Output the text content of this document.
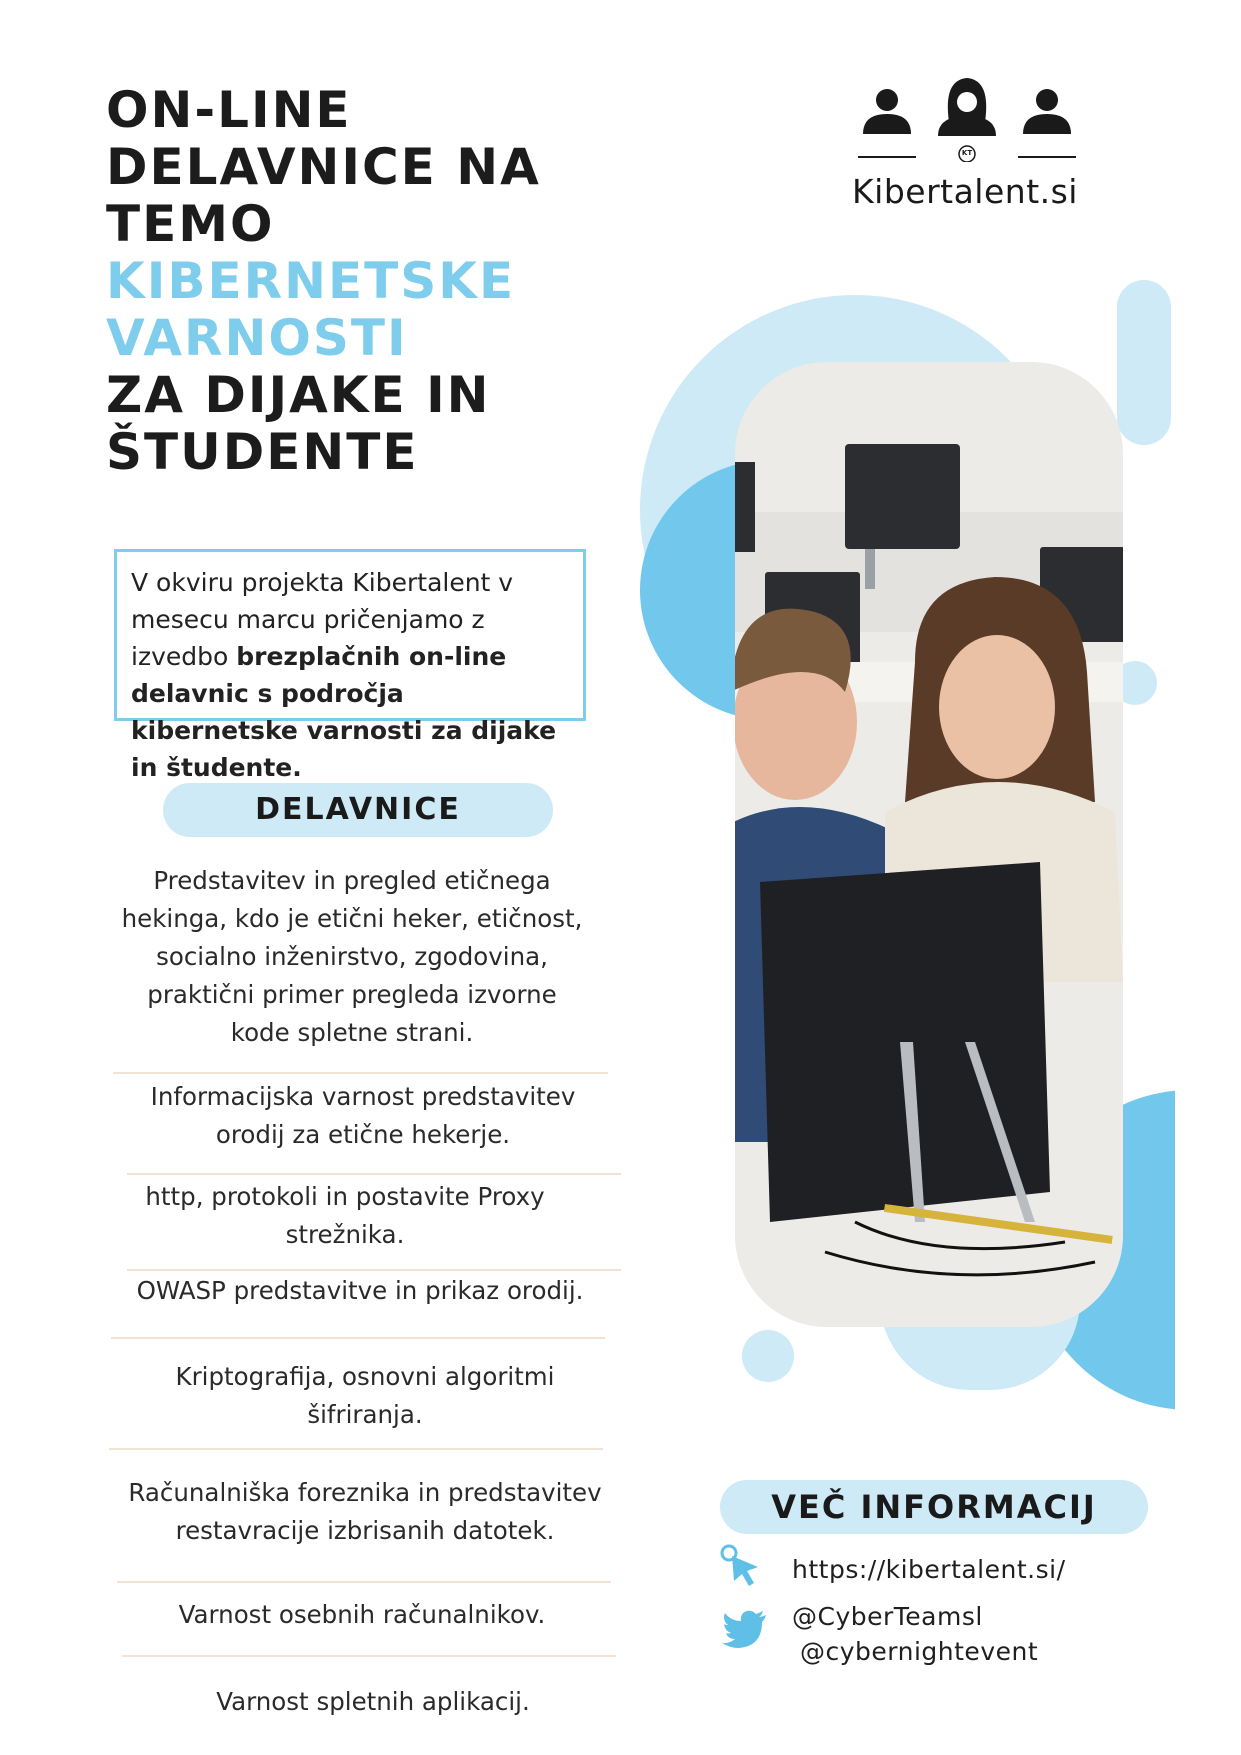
ON-LINE
DELAVNICE NA
TEMO
KIBERNETSKE
VARNOSTI
ZA DIJAKE IN
ŠTUDENTE
KT
Kibertalent.si
V okviru projekta Kibertalent v mesecu marcu pričenjamo z izvedbo brezplačnih on-line delavnic s področja kibernetske varnosti za dijake in študente.
DELAVNICE
Predstavitev in pregled etičnega hekinga, kdo je etični heker, etičnost, socialno inženirstvo, zgodovina, praktični primer pregleda izvorne kode spletne strani.
Informacijska varnost predstavitev orodij za etične hekerje.
http, protokoli in postavite Proxy strežnika.
OWASP predstavitve in prikaz orodij.
Kriptografija, osnovni algoritmi šifriranja.
Računalniška foreznika in predstavitev restavracije izbrisanih datotek.
Varnost osebnih računalnikov.
Varnost spletnih aplikacij.
VEČ INFORMACIJ
https://kibertalent.si/
@CyberTeamsl
@cybernightevent
